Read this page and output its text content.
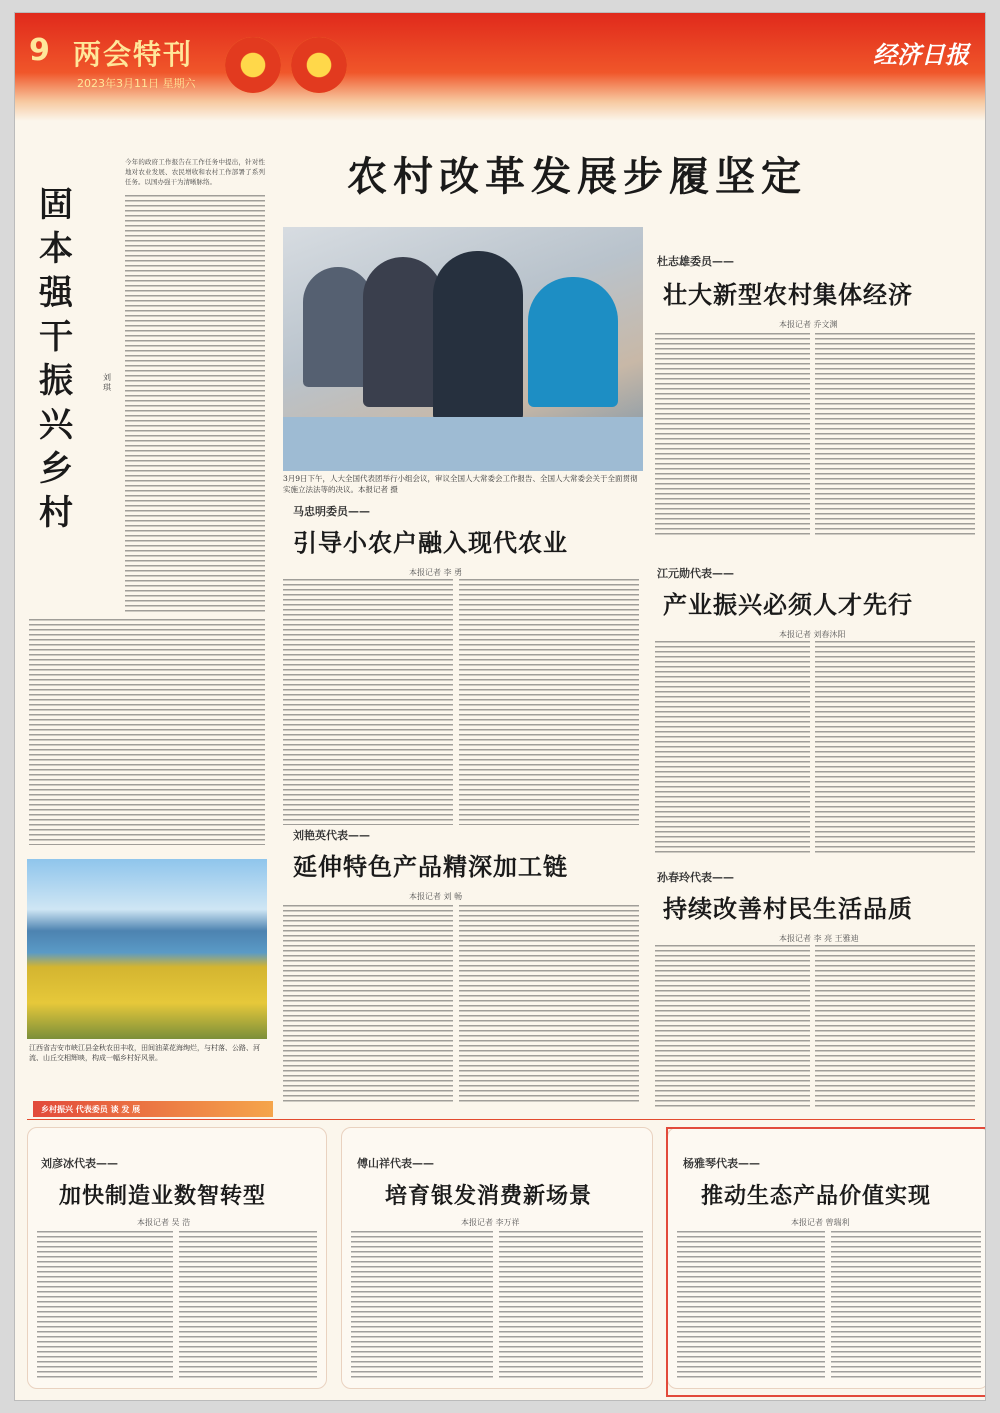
9 两会特刊
2023年3月11日 星期六
经济日报
农村改革发展步履坚定
固本强干振兴乡村
今年的政府工作报告在工作任务中提出，针对性地对农业发展、农民增收和农村工作部署了系列任务。以国办强干为清晰脉络。
刘 琪
3月9日下午，人大全国代表团举行小组会议，审议全国人大常委会工作报告、全国人大常委会关于全面贯彻实施立法法等的决议。本报记者 摄
杜志雄委员——
壮大新型农村集体经济
本报记者 乔文渊
马忠明委员——
引导小农户融入现代农业
本报记者 李 勇	江元勋代表——
产业振兴必须人才先行
本报记者 刘春沐阳
江西省吉安市峡江县金秋农田丰收，田间油菜花海绚烂，与村落、公路、河流、山丘交相辉映，构成一幅乡村好风景。
乡村振兴 代表委员 谈 发 展
刘艳英代表——
延伸特色产品精深加工链
本报记者 刘 畅
孙春玲代表——
持续改善村民生活品质
本报记者 李 亮 王雅迪
刘彦冰代表——
加快制造业数智转型
本报记者 吴 浩
傅山祥代表——
培育银发消费新场景
本报记者 李万祥
杨雅琴代表——
推动生态产品价值实现
本报记者 曾瑞利
